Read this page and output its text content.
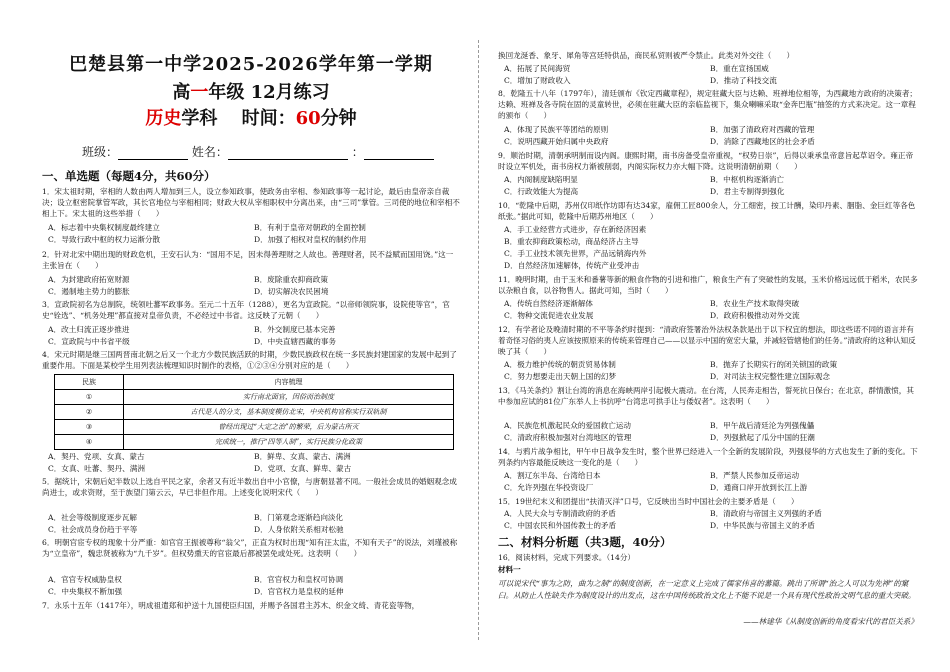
巴楚县第一中学2025-2026学年第一学期
高一年级 12月练习
历史学科　 时间：60分钟
班级：	姓名：	：
一、单选题（每题4分，共60分）
1．宋太祖时期，宰相的人数由两人增加到三人，设立参知政事，使政务由宰相、参知政事等一起讨论，最后由皇帝亲自裁决；设立枢密院掌管军政，其长官地位与宰相相同；财政大权从宰相职权中分离出来，由“三司”掌管。三司使的地位和宰相不相上下。宋太祖的这些举措（　　）
A．标志着中央集权制度最终建立	B．有利于皇帝对朝政的全面控制
C．导致行政中枢的权力运渐分散	D．加强了相权对皇权的制约作用
2．针对北宋中期出现的财政危机，王安石认为：“国用不足，因未得善理财之人故也。善理财者，民不益赋而国用饶。”这一主张旨在（　　）
A．为封建政府拓宽财源	B．废除重农抑商政策
C．遏制地主势力的膨胀	D．切实解决农民困境
3．宣政院初名为总制院，统领吐蕃军政事务。至元二十五年（1288），更名为宣政院。“以帝师领院事，设院使等官”，官史“铨选”、“机务处理”都直接对皇帝负责，不必经过中书省。这反映了元朝（　　）
A．改土归流正逐步推进	B．外交制度已基本完善
C．宣政院与中书省平级	D．中央直辖西藏的事务
4．宋元时期是继三国两晋南北朝之后又一个北方少数民族活跃的时期，少数民族政权在统一多民族封建国家的发展中起到了重要作用。下面是某校学生用列表法梳理知识时制作的表格，①②③④分别对应的是（　　）
民族	内容梳理
①	实行南北面官，因俗而治制度
②	古代是人的分支，基本制度模仿北宋，中央机构官称实行双轨制
③	曾经出现过“大定之治”的繁荣，后为蒙古所灭
④	完成统一，推行“四等人制”，实行民族分化政策
A．契丹、党项、女真、蒙古	B．鲜卑、女真、蒙古、满洲
C．女真、吐蕃、契丹、满洲	D．党项、女真、鲜卑、蒙古
5．据统计，宋朝后妃半数以上选自平民之家，余者又有近半数出自中小官僚，与唐朝显著不同。一般社会成员的婚姻观念成尚进士，或求资财，至于族望门第云云，早已非但作用。上述变化说明宋代（　　）
A．社会等级制度逐步瓦解	B．门第观念逐渐趋向淡化
C．社会成员身份趋于平等	D．人身依附关系相对松驰
6．明朝官宦专权的现象十分严重：如官官王振被尊称“翁父”，正直为权时出现“知有汪太监，不知有天子”的说法，刘瑾被称为“立皇帝”，魏忠贤被称为“九千岁”。但权势熏天的官宦最后都被罢免或处死。这表明（　　）
A．官官专权威胁皇权	B．官官权力和皇权可协调
C．中央集权不断加强	D．官官权力是皇权的延伸
7．永乐十五年（1417年），明成祖遣郑和护送十九国使臣归国，并赐予各国君主苏木、织金文绮、青花瓷等物，
换回龙涎香、象牙、犀角等宫廷特供品，商民私贸则被严令禁止。此类对外交往（　　）
A．拓展了民间海贸	B．重在宣扬国威
C．增加了财政收入	D．推动了科技交流
8．乾隆五十八年（1797年），清廷颁布《钦定西藏章程》，规定驻藏大臣与达赖、班禅地位相等，为西藏地方政府的决策者；达赖、班禅及各寺院在固的灵童转世，必须在驻藏大臣的亲临监视下，集众喇嘛采取“金奔巴瓶”抽签的方式来决定。这一章程的颁布（　　）
A．体现了民族平等团结的原则	B．加强了清政府对西藏的管理
C．说明西藏开始归属中央政府	D．消除了西藏地区的社会矛盾
9．顺治时期，清朝承明制而设内阁。康熙时期，南书房备受皇帝重视，“权势日崇”，后得以秉承皇帝意旨起草诏令。雍正帝时设立军机处，南书房权力渐被削弱，内阁实际权力亦大幅下降。这说明清朝前期（　　）
A．内阁制度缺陷明显	B．中枢机构逐渐消亡
C．行政效能大为提高	D．君主专制得到强化
10．“乾隆中后期，苏州仅印纸作坊即有达34家，雇佣工匠800余人，分工细密，按工计酬，染印丹素、胭脂、金巨红等各色纸张。”据此可知，乾隆中后期苏州地区（　　）
A．手工业经营方式进步，存在新经济因素
B．重农抑商政策松动，商品经济占主导
C．手工业技术领先世界，产品远销海内外
D．自然经济加速解体，传统产业受冲击
11．晚明时期，由于玉米和番薯等新的粮食作物的引进和推广，粮食生产有了突破性的发展，玉米价格远远低于稻米，农民多以杂粮自食，以谷物售人。据此可知，当时（　　）
A．传统自然经济逐渐解体	B．农业生产技术取得突破
C．物种交流促进农业发展	D．政府积极推动对外交流
12．有学者论及晚清时期的不平等条约时提到：“清政府签署治外法权条款是出于以下权宜的想法，即这些诺不同的语言并有着奇怪习俗的夷人应该按照原来的传统来管理自己——以显示中国的宽宏大量，并减轻管辖他们的任务。”清政府的这种认知反映了其（　　）
A．极力维护传统的朝贡贸易体制	B．抛弃了长期实行的闭关锁国的政策
C．努力想要走出天朝上国的幻梦	D．对司法主权完整性建立国际观念
13．《马关条约》割让台湾的消息在海峡两岸引起极大震动。在台湾，人民奔走相告，誓死抗日保台；在北京，群情激愤，其中参加应试的81位广东举人上书抗呼“台湾忠可拱手让与倭奴者”。这表明（　　）
A．民族危机激起民众的爱国救亡运动	B．甲午战后清廷沦为列强傀儡
C．清政府积极加强对台湾地区的管理	D．列强掀起了瓜分中国的狂潮
14．与鸦片战争相比，甲午中日战争发生时，整个世界已经进入一个全新的发展阶段，列强侵华的方式也发生了新的变化。下列条约内容最能反映这一变化的是（　　）
A．割辽东半岛、台湾给日本	B．严禁人民参加反帝运动
C．允许列强在华投资设厂	D．通商口岸开放到长江上游
15．19世纪末义和团提出“扶清灭洋”口号，它反映出当时中国社会的主要矛盾是（　　）
A．人民大众与专制清政府的矛盾	B．清政府与帝国主义列强的矛盾
C．中国农民和外国传教士的矛盾	D．中华民族与帝国主义的矛盾
二、材料分析题（共3题，40分）
16．阅读材料，完成下列要求。（14分）
材料一
可以说宋代“事为之防，曲为之制”的制度创新，在一定意义上完成了儒家伟喜的蕃篇。跳出了所谓“治之人可以为先禅”的窠臼。从防止人性缺失作为制度设计的出发点，这在中国传统政治文化上不能不说是一个具有现代性政治文明气息的重大突破。
——林建华《从制度创新的角度看宋代的君臣关系》
